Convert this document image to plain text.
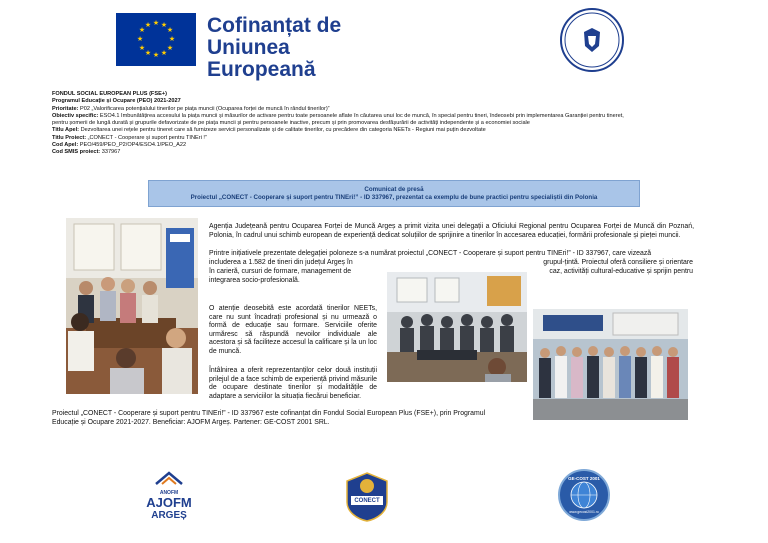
★ ★
★
★
★
★
★
★
★
★
★
★	Cofinanțat de
Uniunea Europeană
FONDUL SOCIAL EUROPEAN PLUS (FSE+)
Programul Educație și Ocupare (PEO) 2021-2027
Prioritate: P02 „Valorificarea potențialului tinerilor pe piața muncii (Ocuparea forței de muncă în rândul tinerilor)”
Obiectiv specific: ESO4.1 Îmbunătățirea accesului la piața muncii și măsurilor de activare pentru toate persoanele aflate în căutarea unui loc de muncă, în special pentru tineri, îndeosebi prin implementarea Garanției pentru tineret,
pentru șomerii de lungă durată și grupurile defavorizate de pe piața muncii și pentru persoanele inactive, precum și prin promovarea desfășurării de activități independente și a economiei sociale
Titlu Apel: Dezvoltarea unei rețele pentru tineret care să furnizeze servicii personalizate și de calitate tinerilor, cu precădere din categoria NEETs - Regiuni mai puțin dezvoltate
Titlu Proiect: „CONECT - Cooperare și suport pentru TINEri !”
Cod Apel: PEO/459/PEO_P2/OP4/ESO4.1/PEO_A22
Cod SMIS proiect: 337967
Comunicat de presă
Proiectul „CONECT - Cooperare și suport pentru TINEri!” - ID 337967, prezentat ca exemplu de bune practici pentru specialiștii din Polonia
Agenția Județeană pentru Ocuparea Forței de Muncă Argeș a primit vizita unei delegații a Oficiului Regional pentru Ocuparea Forței de Muncă din Poznań, Polonia, în cadrul unui schimb european de experiență dedicat soluțiilor de sprijinire a tinerilor în accesarea educației, formării profesionale și pieței muncii.
Printre inițiativele prezentate delegației poloneze s-a numărat proiectul „CONECT - Cooperare și suport pentru TINEri!” - ID 337967, care vizează
includerea a 1.582 de tineri din județul Argeș în	grupul-țintă. Proiectul oferă consiliere și orientare
în carieră, cursuri de formare, management de	caz, activități cultural-educative și sprijin pentru
integrarea socio-profesională.
O atenție deosebită este acordată tinerilor NEETs, care nu sunt încadrați profesional și nu urmează o formă de educație sau formare. Serviciile oferite urmăresc să răspundă nevoilor individuale ale acestora și să faciliteze accesul la calificare și la un loc de muncă.
Întâlnirea a oferit reprezentanților celor două instituții prilejul de a face schimb de experiență privind măsurile de ocupare destinate tinerilor și modalitățile de adaptare a serviciilor la situația fiecărui beneficiar.
Proiectul „CONECT - Cooperare și suport pentru TINEri!” - ID 337967 este cofinanțat din Fondul Social European Plus (FSE+), prin Programul
Educație și Ocupare 2021-2027. Beneficiar: AJOFM Argeș. Partener: GE-COST 2001 SRL.
ANOFM
AJOFM
ARGEȘ
CONECT
GE-COST 2001
www.gecost2001.ro
